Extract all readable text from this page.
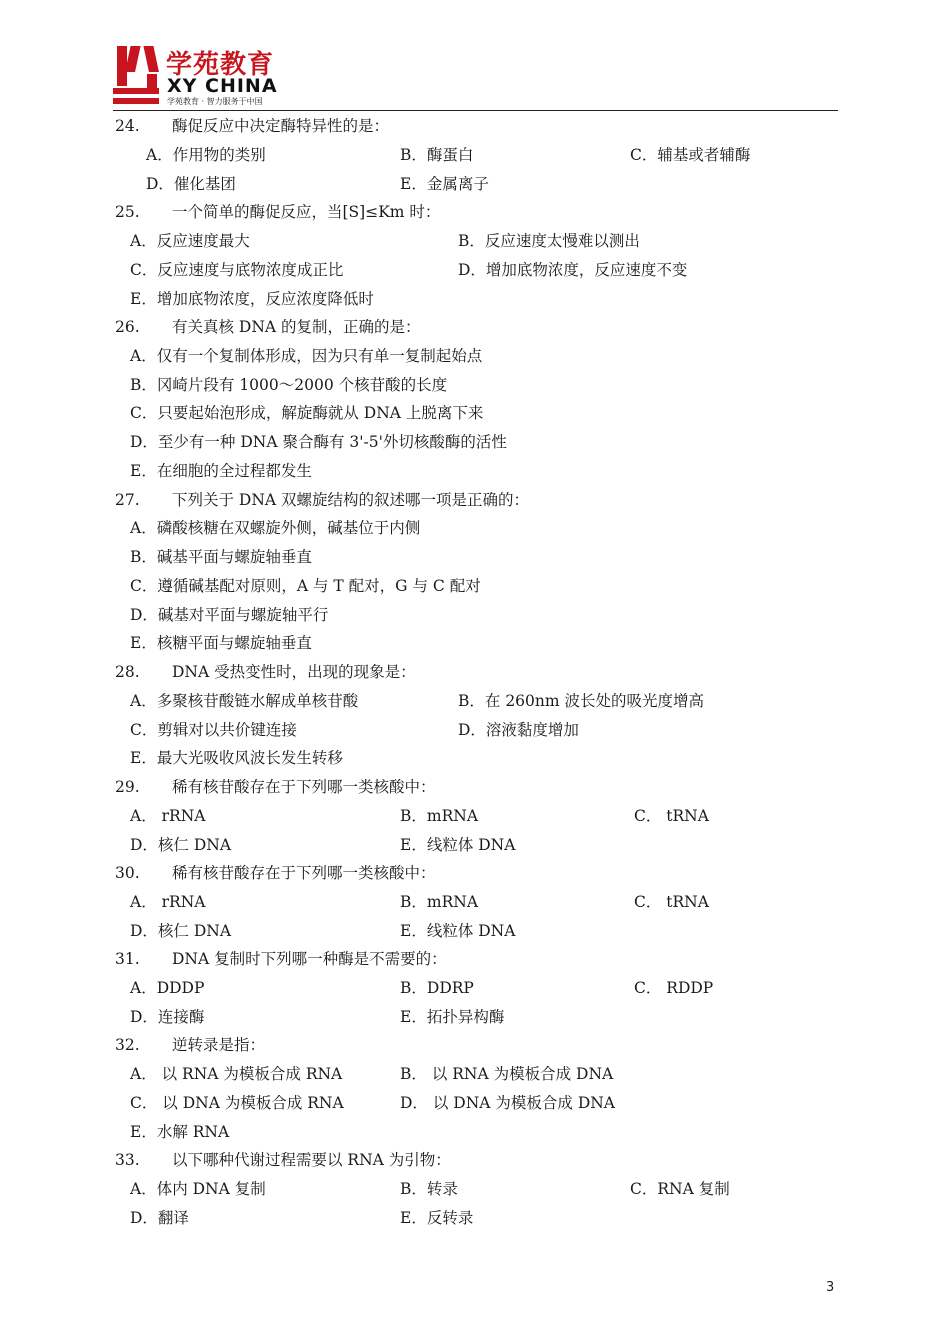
学苑教育
XY CHINA
学苑教育 · 智力服务于中国
24. 酶促反应中决定酶特异性的是：
A．作用物的类别	B．酶蛋白	C．辅基或者辅酶
D．催化基团	E．金属离子
25. 一个简单的酶促反应，当[S]≤Km 时：
A．反应速度最大	B．反应速度太慢难以测出
C．反应速度与底物浓度成正比	D．增加底物浓度，反应速度不变
E．增加底物浓度，反应浓度降低时
26. 有关真核 DNA 的复制，正确的是：
A．仅有一个复制体形成，因为只有单一复制起始点
B．冈崎片段有 1000～2000 个核苷酸的长度
C．只要起始泡形成，解旋酶就从 DNA 上脱离下来
D．至少有一种 DNA 聚合酶有 3'-5'外切核酸酶的活性
E．在细胞的全过程都发生
27. 下列关于 DNA 双螺旋结构的叙述哪一项是正确的：
A．磷酸核糖在双螺旋外侧，碱基位于内侧
B．碱基平面与螺旋轴垂直
C．遵循碱基配对原则，A 与 T 配对，G 与 C 配对
D．碱基对平面与螺旋轴平行
E．核糖平面与螺旋轴垂直
28. DNA 受热变性时，出现的现象是：
A．多聚核苷酸链水解成单核苷酸	B．在 260nm 波长处的吸光度增高
C．剪辑对以共价键连接	D．溶液黏度增加
E．最大光吸收风波长发生转移
29. 稀有核苷酸存在于下列哪一类核酸中：
A． rRNA	B．mRNA	C． tRNA
D．核仁 DNA	E．线粒体 DNA
30. 稀有核苷酸存在于下列哪一类核酸中：
A． rRNA	B．mRNA	C． tRNA
D．核仁 DNA	E．线粒体 DNA
31. DNA 复制时下列哪一种酶是不需要的：
A．DDDP	B．DDRP	C． RDDP
D．连接酶	E．拓扑异构酶
32. 逆转录是指：
A． 以 RNA 为模板合成 RNA	B． 以 RNA 为模板合成 DNA
C． 以 DNA 为模板合成 RNA	D． 以 DNA 为模板合成 DNA
E．水解 RNA
33. 以下哪种代谢过程需要以 RNA 为引物：
A．体内 DNA 复制	B．转录	C．RNA 复制
D．翻译	E．反转录
3
